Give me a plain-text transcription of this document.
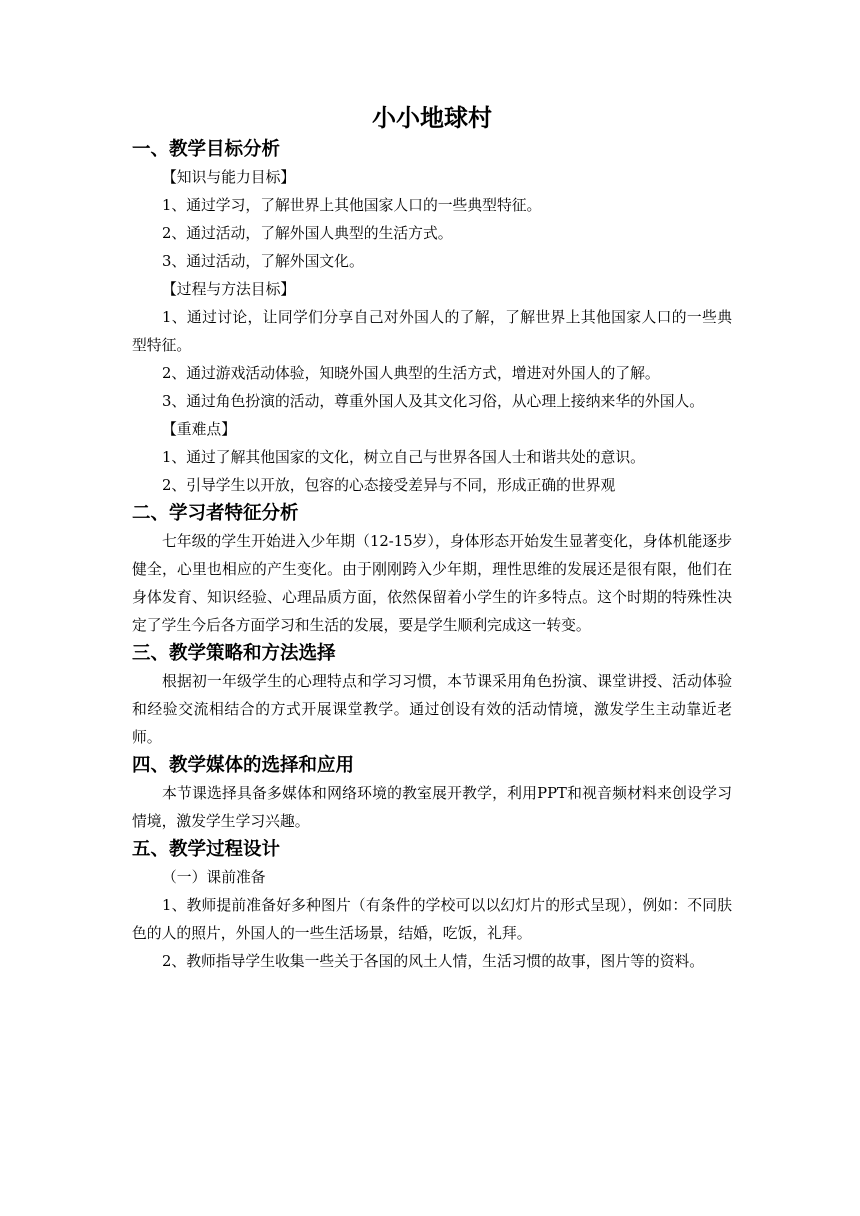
小小地球村

一、教学目标分析

【知识与能力目标】

1、通过学习，了解世界上其他国家人口的一些典型特征。

2、通过活动，了解外国人典型的生活方式。

3、通过活动，了解外国文化。

【过程与方法目标】

1、通过讨论，让同学们分享自己对外国人的了解，了解世界上其他国家人口的一些典型特征。

2、通过游戏活动体验，知晓外国人典型的生活方式，增进对外国人的了解。

3、通过角色扮演的活动，尊重外国人及其文化习俗，从心理上接纳来华的外国人。

【重难点】

1、通过了解其他国家的文化，树立自己与世界各国人士和谐共处的意识。

2、引导学生以开放，包容的心态接受差异与不同，形成正确的世界观

二、学习者特征分析

七年级的学生开始进入少年期（12-15岁），身体形态开始发生显著变化，身体机能逐步健全，心里也相应的产生变化。由于刚刚跨入少年期，理性思维的发展还是很有限，他们在身体发育、知识经验、心理品质方面，依然保留着小学生的许多特点。这个时期的特殊性决定了学生今后各方面学习和生活的发展，要是学生顺利完成这一转变。

三、教学策略和方法选择

根据初一年级学生的心理特点和学习习惯，本节课采用角色扮演、课堂讲授、活动体验和经验交流相结合的方式开展课堂教学。通过创设有效的活动情境，激发学生主动靠近老师。

四、教学媒体的选择和应用

本节课选择具备多媒体和网络环境的教室展开教学，利用PPT和视音频材料来创设学习情境，激发学生学习兴趣。

五、教学过程设计

（一）课前准备

1、教师提前准备好多种图片（有条件的学校可以以幻灯片的形式呈现），例如：不同肤色的人的照片，外国人的一些生活场景，结婚，吃饭，礼拜。

2、教师指导学生收集一些关于各国的风土人情，生活习惯的故事，图片等的资料。
